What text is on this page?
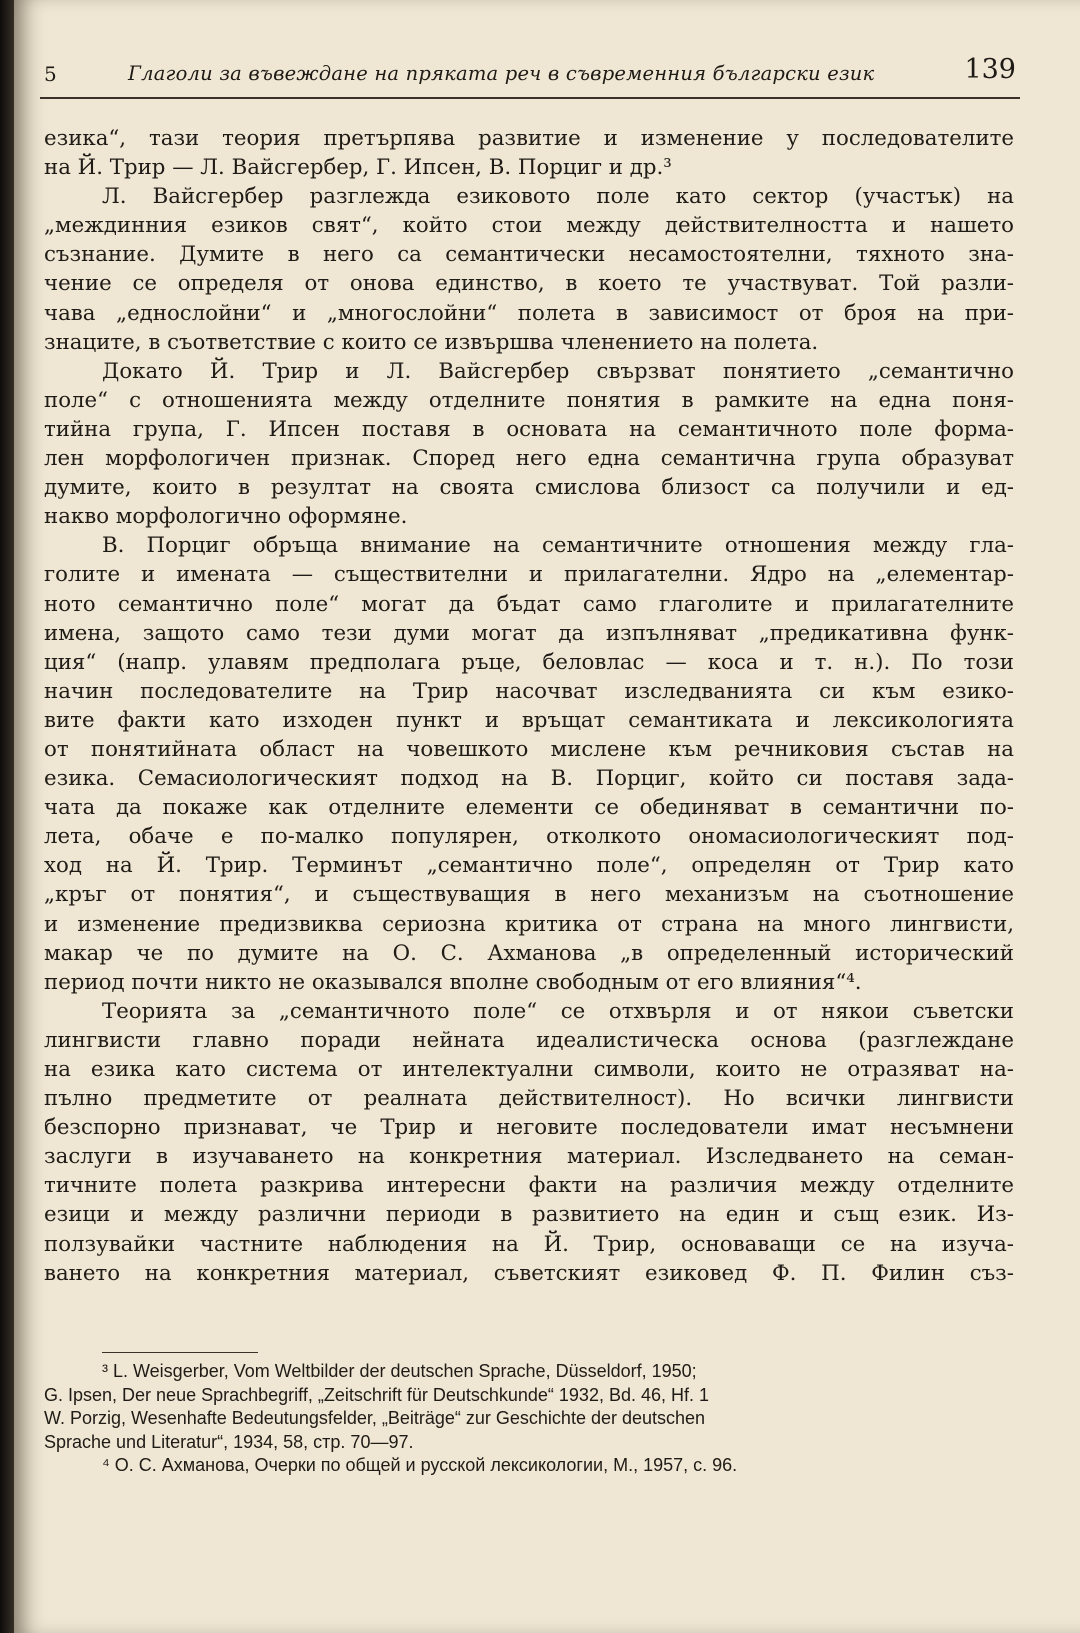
5	Глаголи за въвеждане на пряката реч в съвременния български език	139
езика“, тази теория претърпява развитие и изменение у последователите
на Й. Трир — Л. Вайсгербер, Г. Ипсен, В. Порциг и др.³
Л. Вайсгербер разглежда езиковото поле като сектор (участък) на
„междинния езиков свят“, който стои между действителността и нашето
съзнание. Думите в него са семантически несамостоятелни, тяхното зна-
чение се определя от онова единство, в което те участвуват. Той разли-
чава „еднослойни“ и „многослойни“ полета в зависимост от броя на при-
знаците, в съответствие с които се извършва членението на полета.
Докато Й. Трир и Л. Вайсгербер свързват понятието „семантично
поле“ с отношенията между отделните понятия в рамките на една поня-
тийна група, Г. Ипсен поставя в основата на семантичното поле форма-
лен морфологичен признак. Според него една семантична група образуват
думите, които в резултат на своята смислова близост са получили и ед-
накво морфологично оформяне.
В. Порциг обръща внимание на семантичните отношения между гла-
голите и имената — съществителни и прилагателни. Ядро на „елементар-
ното семантично поле“ могат да бъдат само глаголите и прилагателните
имена, защото само тези думи могат да изпълняват „предикативна функ-
ция“ (напр. улавям предполага ръце, беловлас — коса и т. н.). По този
начин последователите на Трир насочват изследванията си към езико-
вите факти като изходен пункт и връщат семантиката и лексикологията
от понятийната област на човешкото мислене към речниковия състав на
езика. Семасиологическият подход на В. Порциг, който си поставя зада-
чата да покаже как отделните елементи се обединяват в семантични по-
лета, обаче е по-малко популярен, отколкото ономасиологическият под-
ход на Й. Трир. Терминът „семантично поле“, определян от Трир като
„кръг от понятия“, и съществуващия в него механизъм на съотношение
и изменение предизвиква сериозна критика от страна на много лингвисти,
макар че по думите на О. С. Ахманова „в определенный исторический
период почти никто не оказывался вполне свободным от его влияния“⁴.
Теорията за „семантичното поле“ се отхвърля и от някои съветски
лингвисти главно поради нейната идеалистическа основа (разглеждане
на езика като система от интелектуални символи, които не отразяват на-
пълно предметите от реалната действителност). Но всички лингвисти
безспорно признават, че Трир и неговите последователи имат несъмнени
заслуги в изучаването на конкретния материал. Изследването на семан-
тичните полета разкрива интересни факти на различия между отделните
езици и между различни периоди в развитието на един и същ език. Из-
ползувайки частните наблюдения на Й. Трир, основаващи се на изуча-
ването на конкретния материал, съветският езиковед Ф. П. Филин съз-
³ L. Weisgerber, Vom Weltbilder der deutschen Sprache, Düsseldorf, 1950;
G. Ipsen, Der neue Sprachbegriff, „Zeitschrift für Deutschkunde“ 1932, Bd. 46, Hf. 1
W. Porzig, Wesenhafte Bedeutungsfelder, „Beiträge“ zur Geschichte der deutschen
Sprache und Literatur“, 1934, 58, стр. 70—97.
⁴ О. С. Ахманова, Очерки по общей и русской лексикологии, М., 1957, с. 96.
